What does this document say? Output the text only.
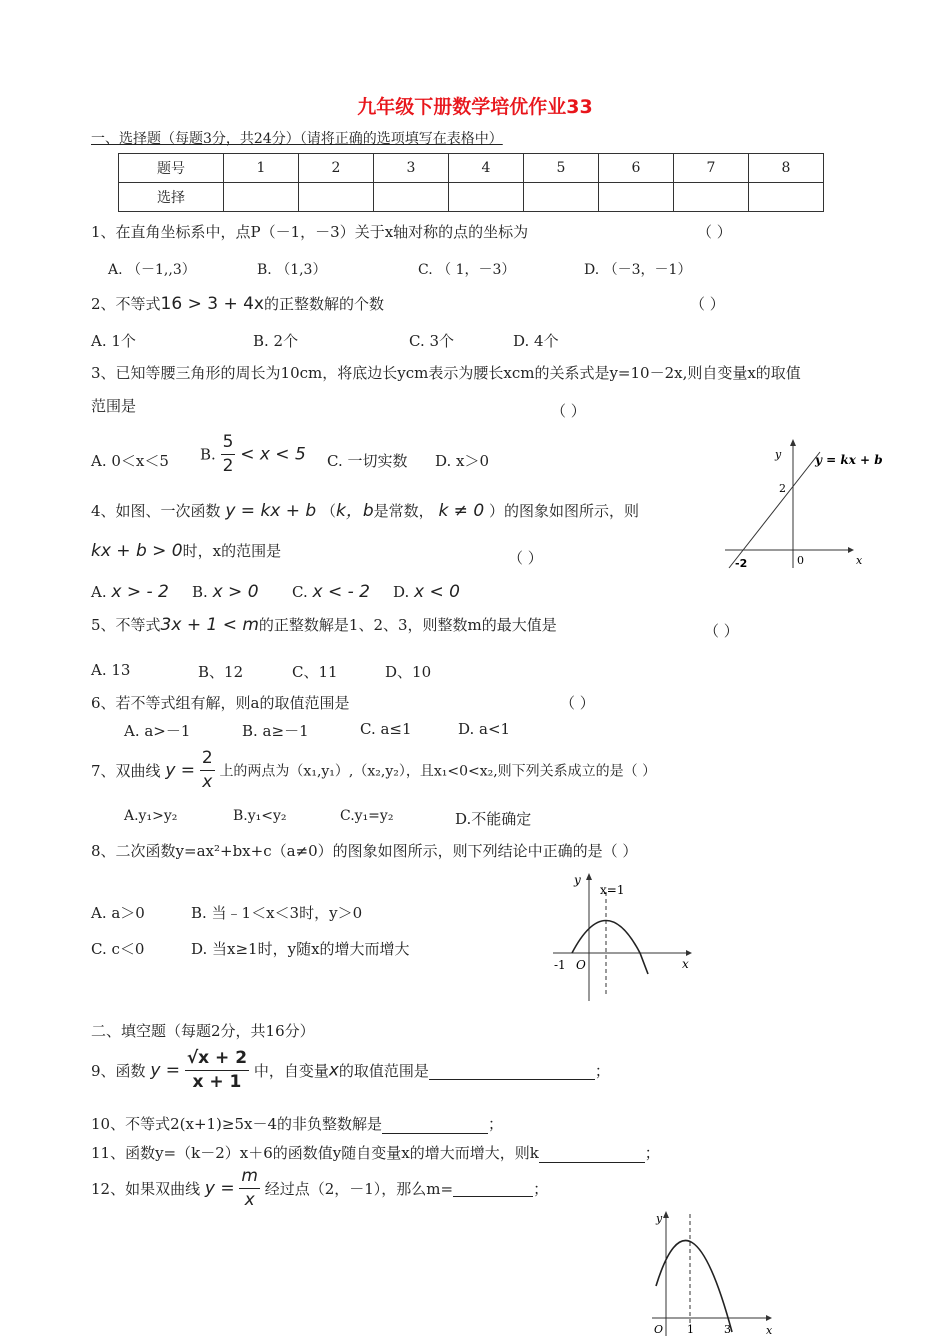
九年级下册数学培优作业33
一、选择题（每题3分，共24分）（请将正确的选项填写在表格中）
题号	1	2	3	4	5	6	7	8
选择								
1、在直角坐标系中，点P（－1，－3）关于x轴对称的点的坐标为	（ ）
A. （－1,,3）	B. （1,3）	C. （ 1，－3）	D. （－3，－1）
2、不等式16 > 3 + 4x的正整数解的个数	（ ）
A. 1个	B. 2个	C. 3个	D. 4个
3、已知等腰三角形的周长为10cm，将底边长ycm表示为腰长xcm的关系式是y=10－2x,则自变量x的取值
范围是	（ ）
A. 0＜x＜5 B. $\frac{5}{2} < x < 5$ C. 一切实数 D. x＞0
4、如图、一次函数 y = kx + b （k，b是常数， k ≠ 0 ）的图象如图所示，则
kx + b > 0时，x的范围是	（ ）
A. x > - 2 B. x > 0 C. x < - 2 D. x < 0
y = kx + b
y
x
2
-2	0
5、不等式3x + 1 < m的正整数解是1、2、3，则整数m的最大值是	（ ）
A. 13	B、12	C、11	D、10
6、若不等式组有解，则a的取值范围是	（ ）
A. a>－1	B. a≥－1	C. a≤1	D. a<1
7、双曲线 $y = \frac{2}{x}$ 上的两点为（x₁,y₁）,（x₂,y₂），且x₁<0<x₂,则下列关系成立的是（ ）
A.y₁>y₂	B.y₁<y₂	C.y₁=y₂	D.不能确定
8、二次函数y=ax²+bx+c（a≠0）的图象如图所示，则下列结论中正确的是（ ）
A. a＞0	B. 当﹣1＜x＜3时，y＞0
C. c＜0	D. 当x≥1时，y随x的增大而增大
y
x
x=1
-1 O
二、填空题（每题2分，共16分）
9、函数 $y = \frac{√x + 2}{x + 1}$ 中，自变量x的取值范围是	；
10、不等式2(x+1)≥5x－4的非负整数解是	；
11、函数y=（k－2）x＋6的函数值y随自变量x的增大而增大，则k	；
12、如果双曲线 $y = \frac{m}{x}$ 经过点（2，－1），那么m=	；
y
x
O 1	3
